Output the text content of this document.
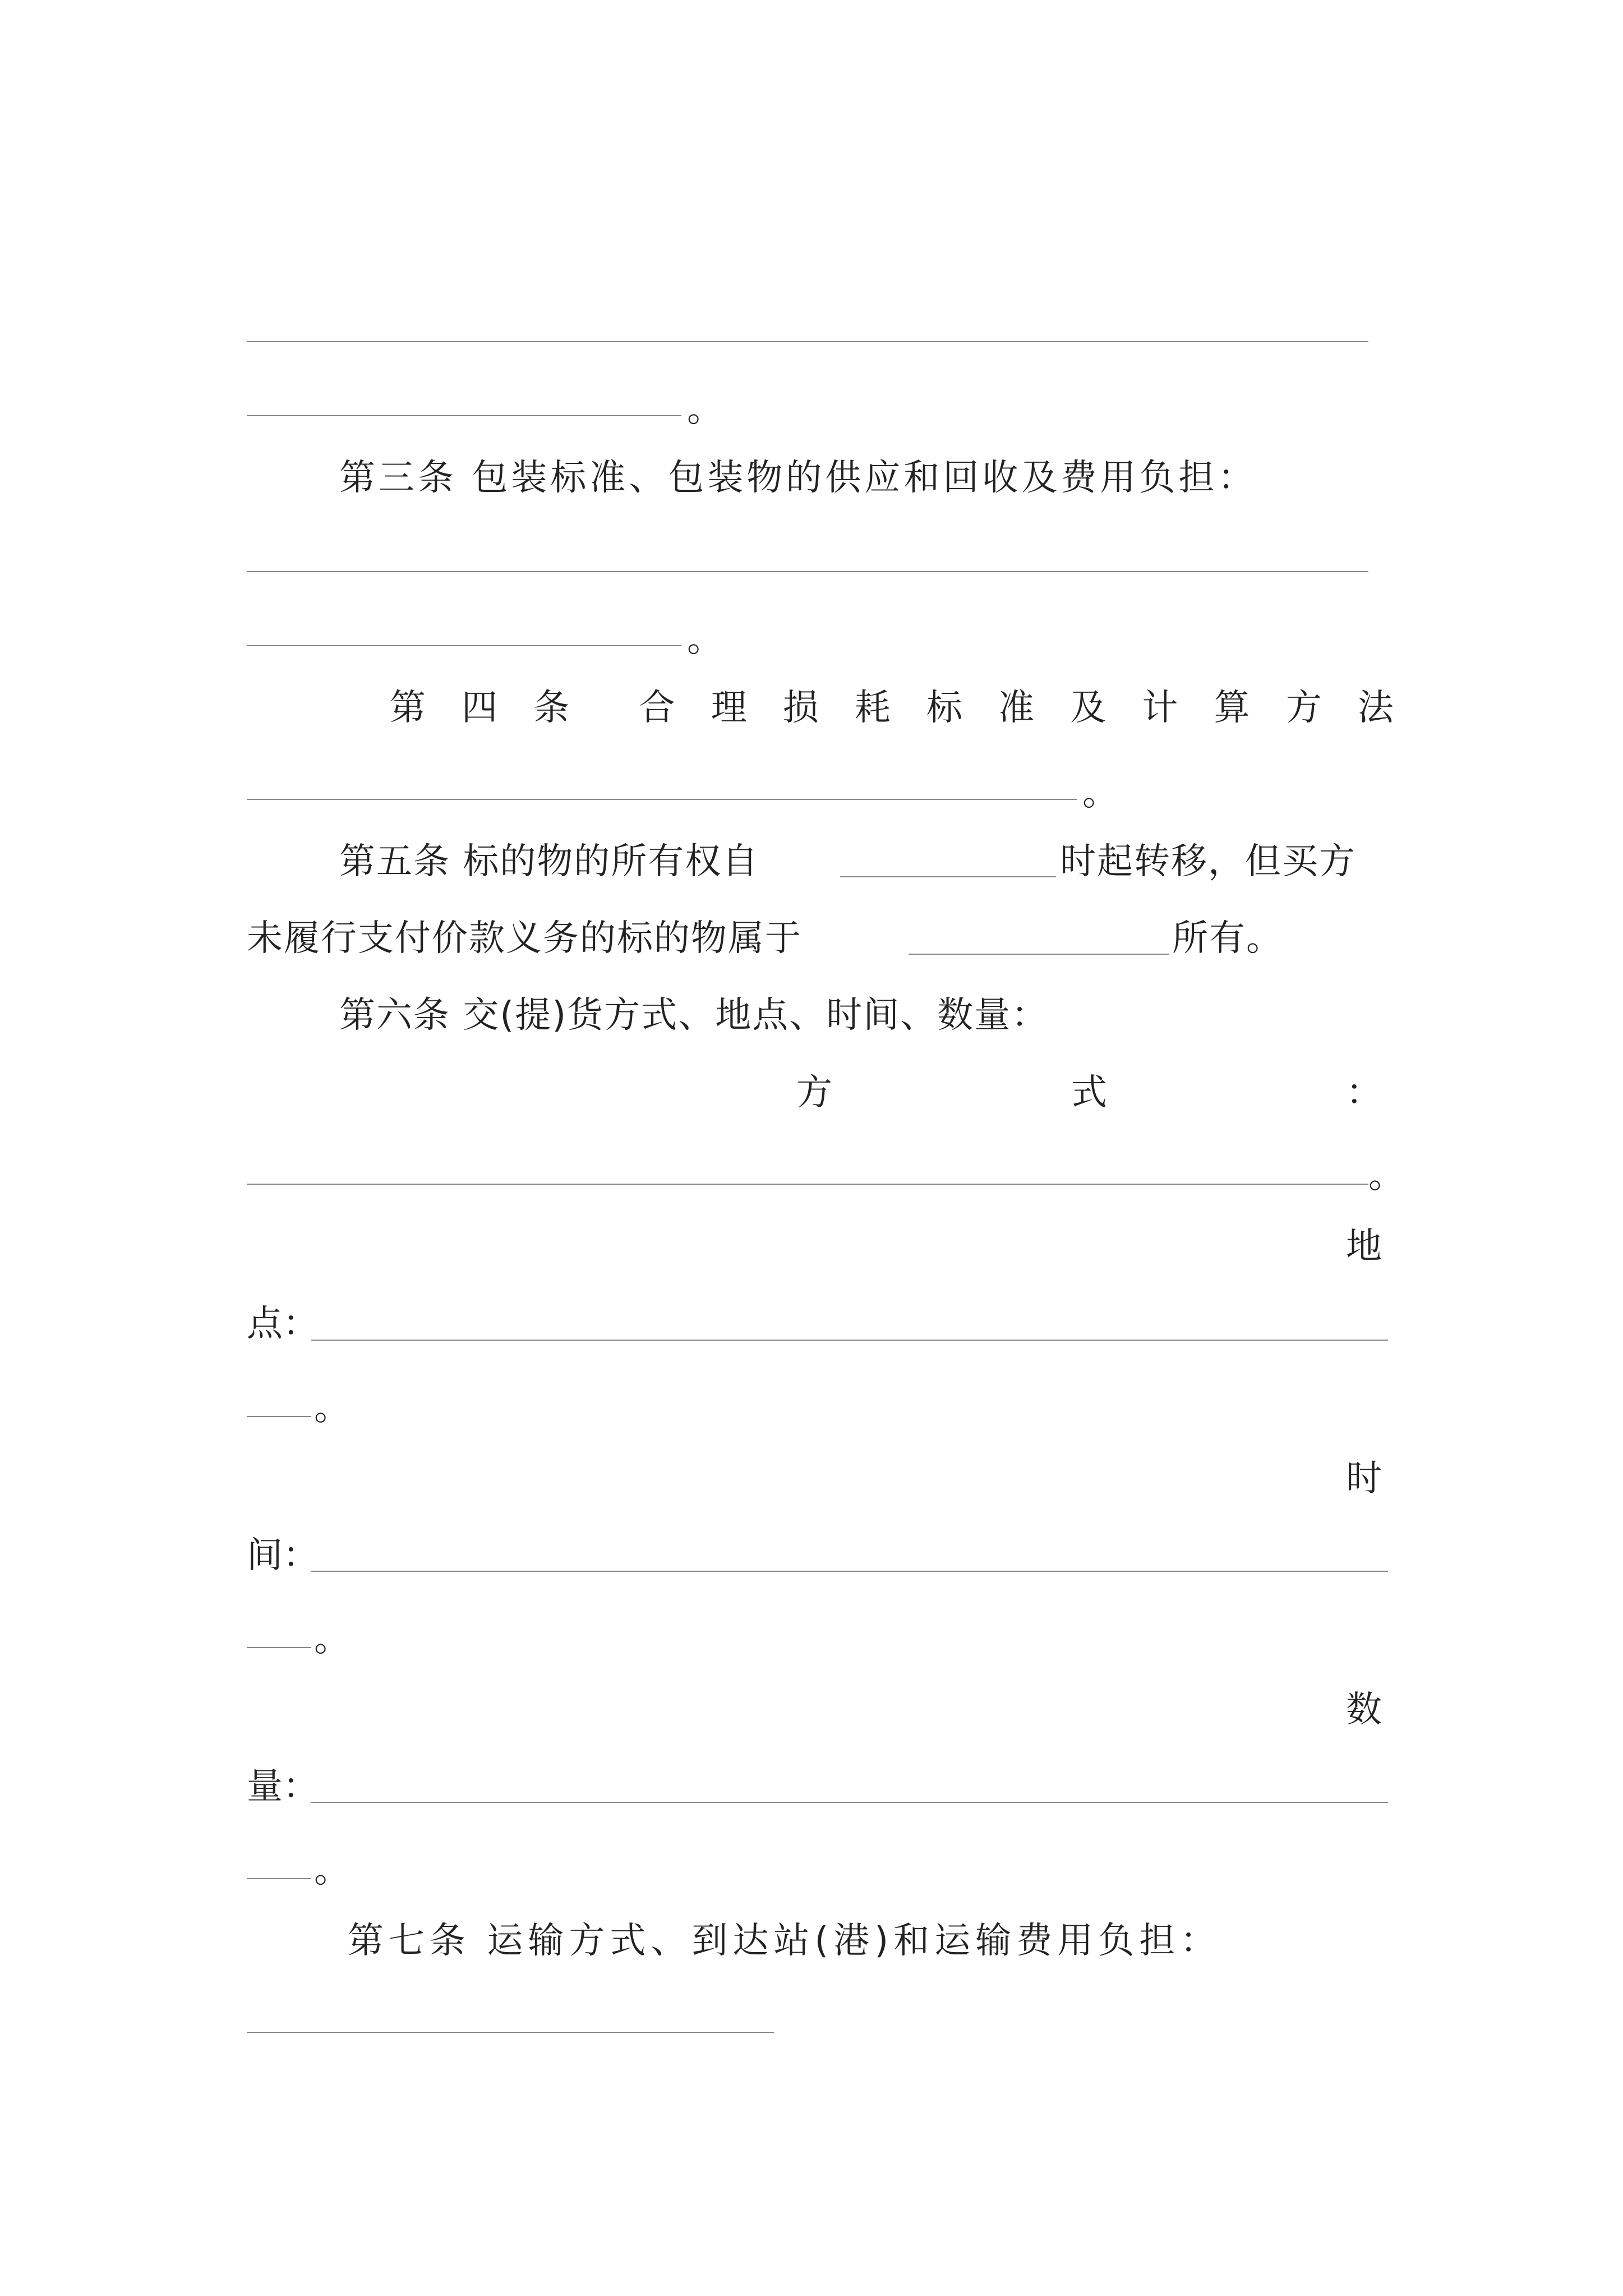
。
第三条 包装标准、包装物的供应和回收及费用负担：
。
第 四 条 合 理 损 耗 标 准 及 计 算 方 法
。
第五条 标的物的所有权自	时起转移，但买方
未履行支付价款义务的标的物属于	所有。
第六条 交(提)货方式、地点、时间、数量：
方	式	：
。
地
点：
。
时
间：
。
数
量：
。
第七条 运输方式、到达站(港)和运输费用负担：
